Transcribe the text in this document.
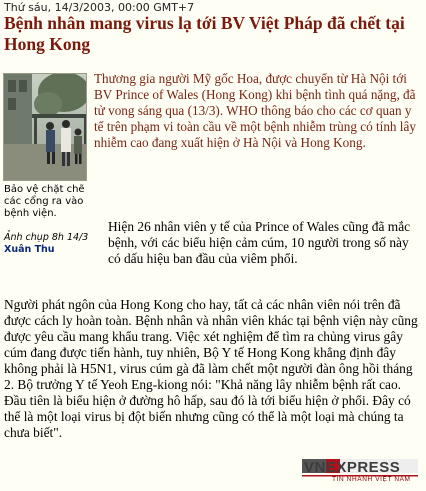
Thứ sáu, 14/3/2003, 00:00 GMT+7
Bệnh nhân mang virus lạ tới BV Việt Pháp đã chết tại Hong Kong
Bảo vệ chặt chẽ các cổng ra vào bệnh viện.
Ảnh chụp 8h 14/3 Xuân Thu

Thương gia người Mỹ gốc Hoa, được chuyển từ Hà Nội tới BV Prince of Wales (Hong Kong) khi bệnh tình quá nặng, đã tử vong sáng qua (13/3). WHO thông báo cho các cơ quan y tế trên phạm vi toàn cầu về một bệnh nhiễm trùng có tính lây nhiễm cao đang xuất hiện ở Hà Nội và Hong Kong.

Hiện 26 nhân viên y tế của Prince of Wales cũng đã mắc bệnh, với các biểu hiện cảm cúm, 10 người trong số này có dấu hiệu ban đầu của viêm phổi.

Người phát ngôn của Hong Kong cho hay, tất cả các nhân viên nói trên đã được cách ly hoàn toàn. Bệnh nhân và nhân viên khác tại bệnh viện này cũng được yêu cầu mang khẩu trang. Việc xét nghiệm để tìm ra chủng virus gây cúm đang được tiến hành, tuy nhiên, Bộ Y tế Hong Kong khẳng định đây không phải là H5N1, virus cúm gà đã làm chết một người đàn ông hồi tháng 2. Bộ trưởng Y tế Yeoh Eng-kiong nói: "Khả năng lây nhiễm bệnh rất cao. Đầu tiên là biểu hiện ở đường hô hấp, sau đó là tới biểu hiện ở phổi. Đây có thể là một loại virus bị đột biến nhưng cũng có thể là một loại mà chúng ta chưa biết".

VNEXPRESS
TIN NHANH VIỆT NAM
